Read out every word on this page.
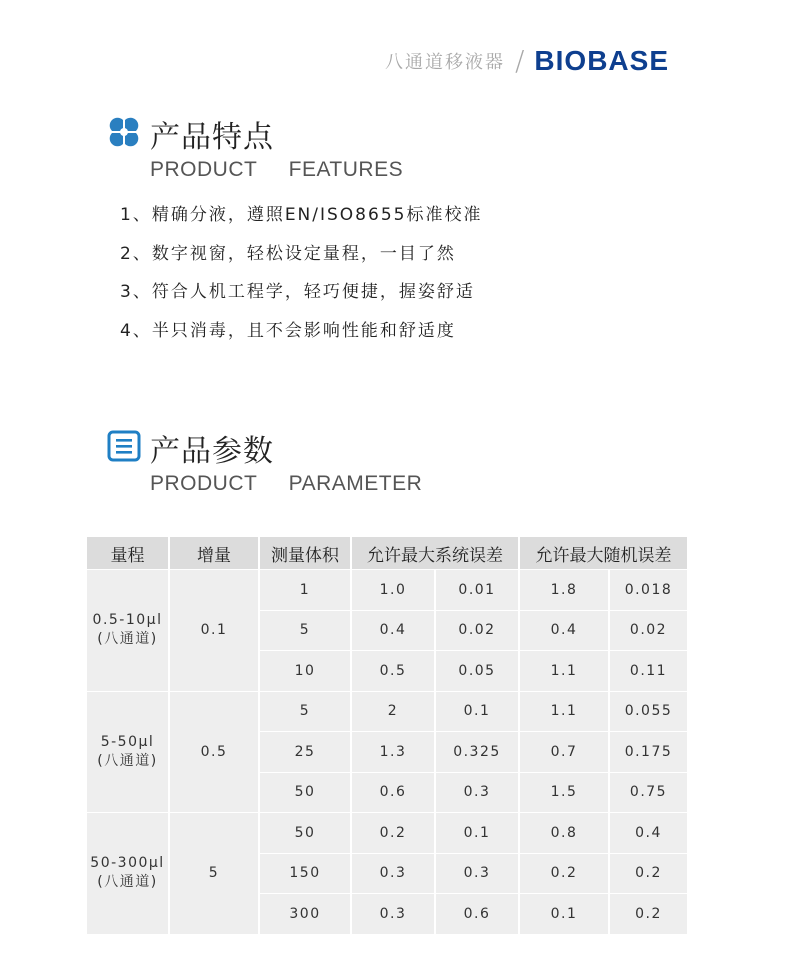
八通道移液器 / BIOBASE
产品特点
PRODUCT     FEATURES
1、精确分液，遵照EN/ISO8655标准校准
2、数字视窗，轻松设定量程，一目了然
3、符合人机工程学，轻巧便捷，握姿舒适
4、半只消毒，且不会影响性能和舒适度
产品参数
PRODUCT     PARAMETER
量程	增量	测量体积	允许最大系统误差		允许最大随机误差	

0.5-10μl
(八通道)	0.1	1	1.0	0.01	1.8	0.018
		5	0.4	0.02	0.4	0.02
		10	0.5	0.05	1.1	0.11

5-50μl
(八通道)	0.5	5	2	0.1	1.1	0.055
		25	1.3	0.325	0.7	0.175
		50	0.6	0.3	1.5	0.75

50-300μl
(八通道)	5	50	0.2	0.1	0.8	0.4
		150	0.3	0.3	0.2	0.2
		300	0.3	0.6	0.1	0.2
